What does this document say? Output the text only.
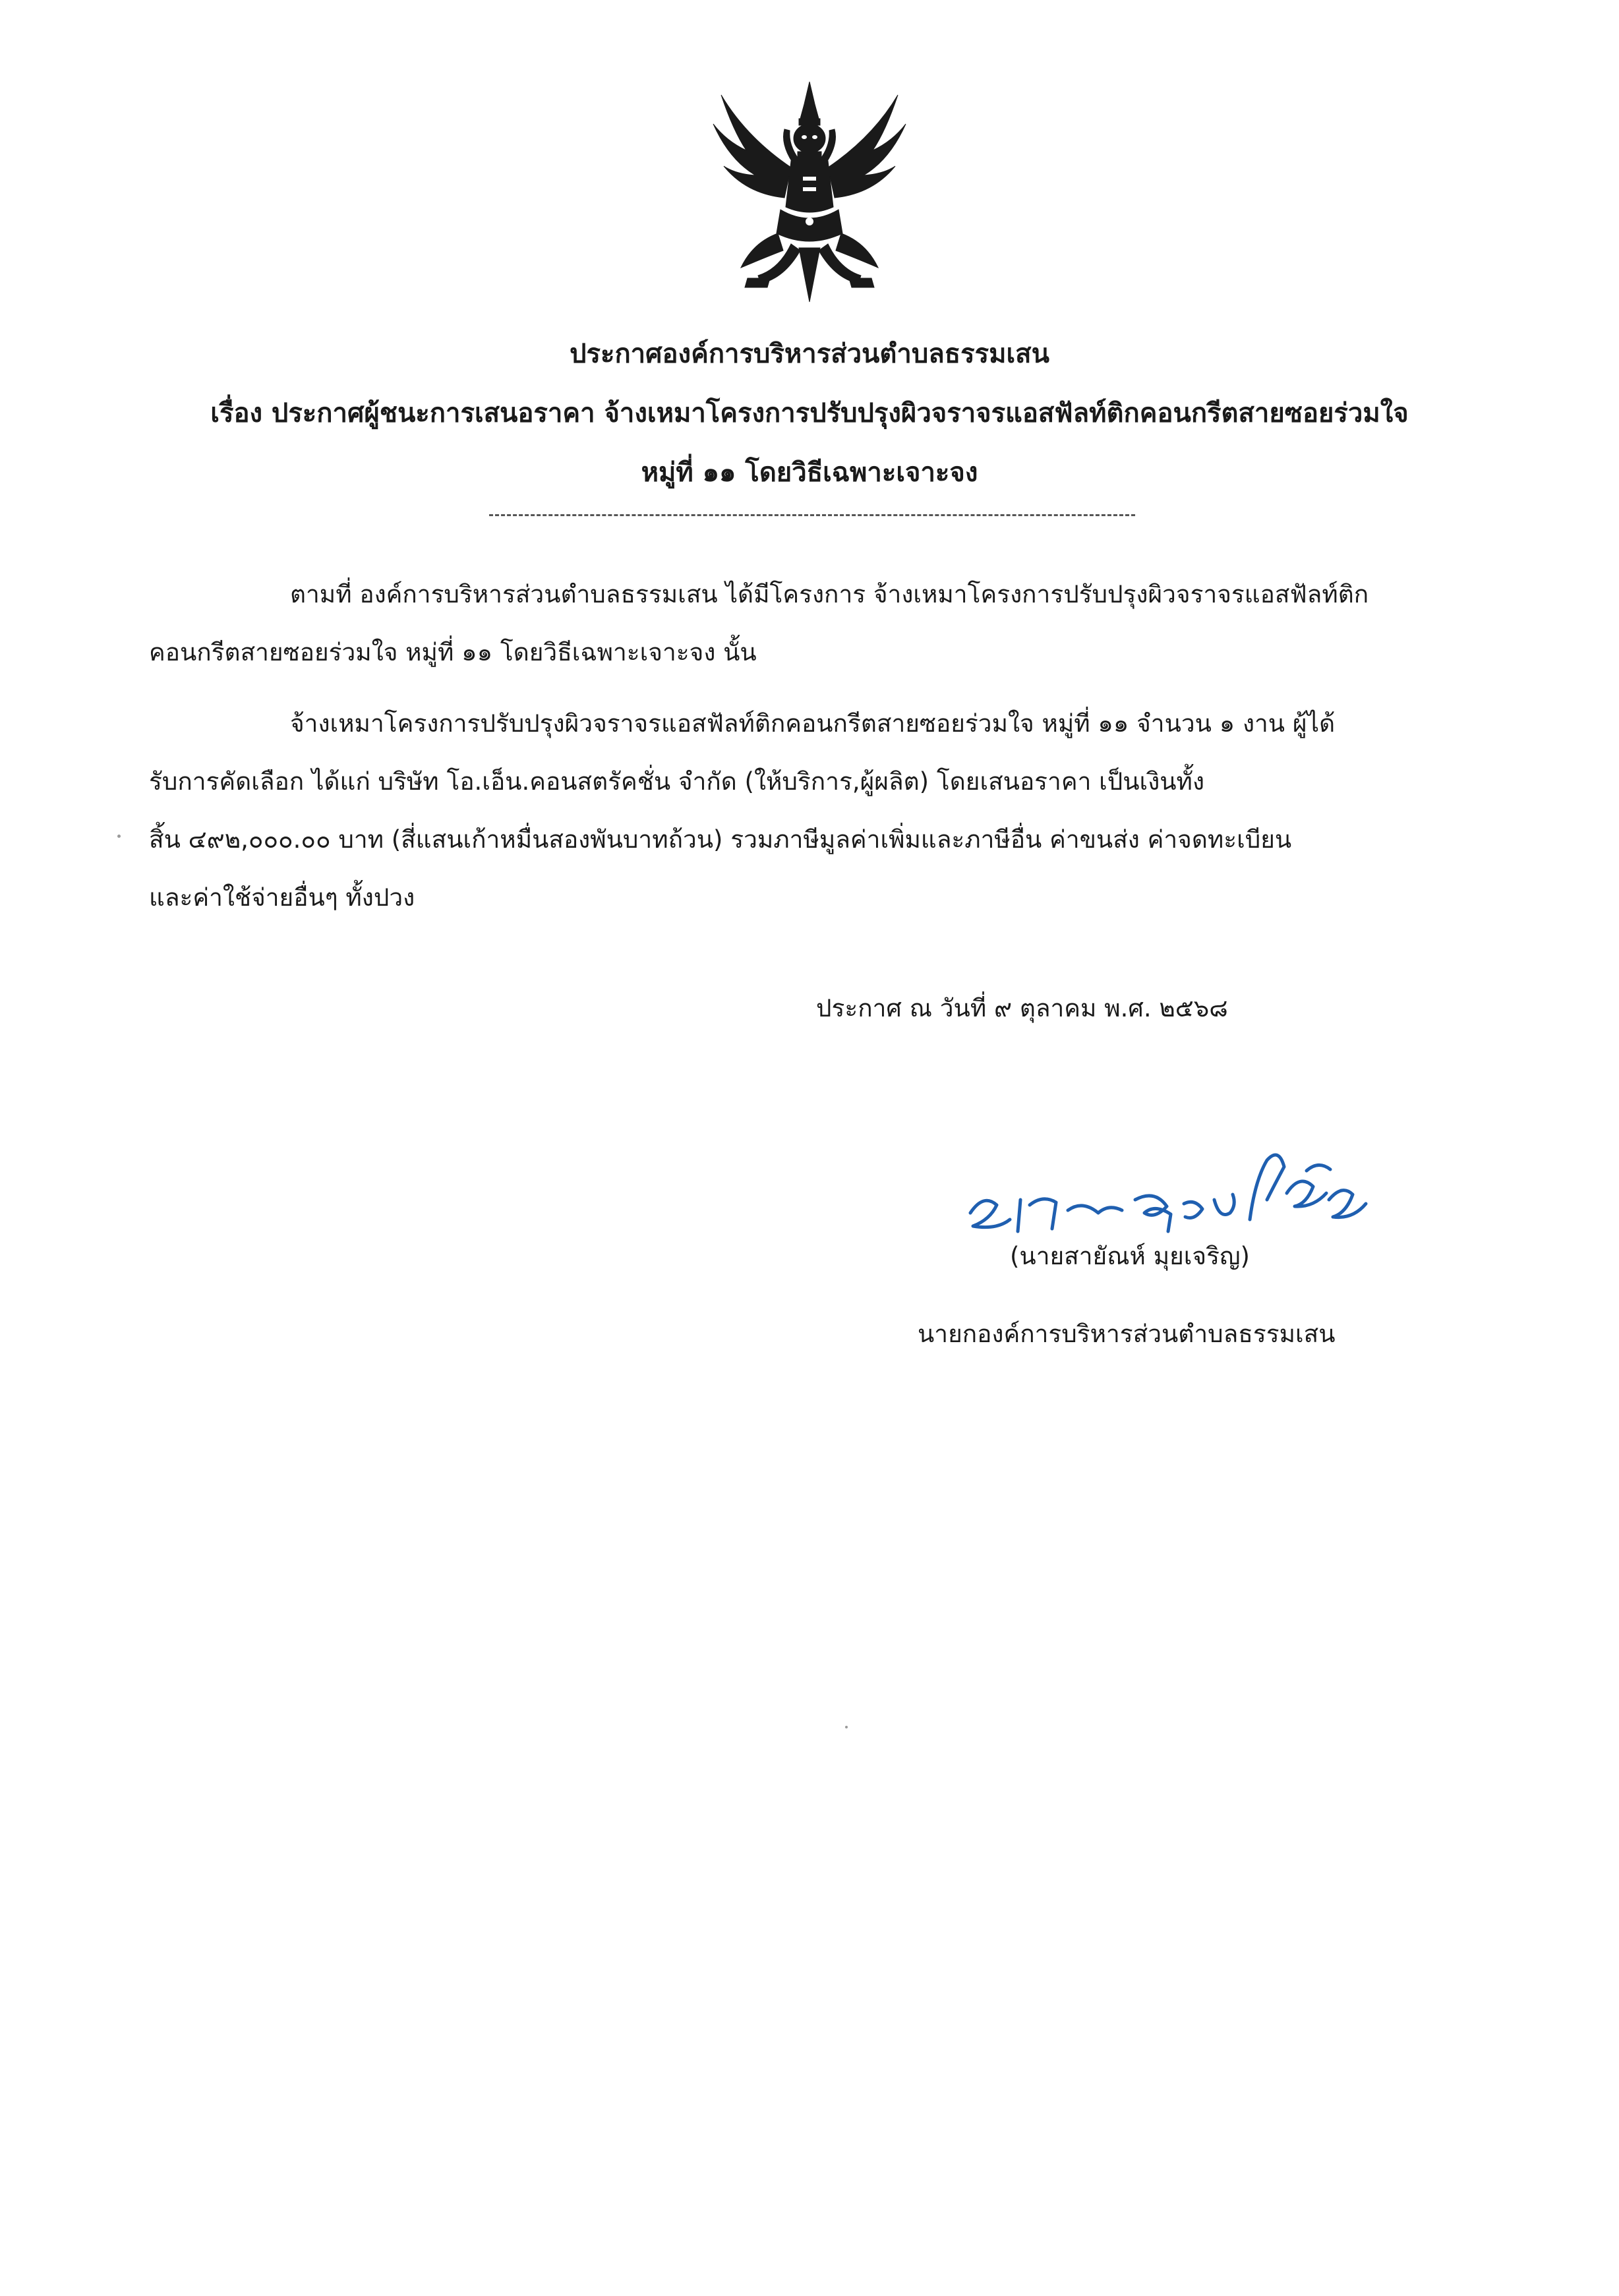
ประกาศองค์การบริหารส่วนตำบลธรรมเสน
เรื่อง ประกาศผู้ชนะการเสนอราคา จ้างเหมาโครงการปรับปรุงผิวจราจรแอสฟัลท์ติกคอนกรีตสายซอยร่วมใจ
หมู่ที่ ๑๑ โดยวิธีเฉพาะเจาะจง
ตามที่ องค์การบริหารส่วนตำบลธรรมเสน ได้มีโครงการ จ้างเหมาโครงการปรับปรุงผิวจราจรแอสฟัลท์ติก
คอนกรีตสายซอยร่วมใจ หมู่ที่ ๑๑ โดยวิธีเฉพาะเจาะจง นั้น
จ้างเหมาโครงการปรับปรุงผิวจราจรแอสฟัลท์ติกคอนกรีตสายซอยร่วมใจ หมู่ที่ ๑๑ จำนวน ๑ งาน ผู้ได้
รับการคัดเลือก ได้แก่ บริษัท โอ.เอ็น.คอนสตรัคชั่น จำกัด (ให้บริการ,ผู้ผลิต) โดยเสนอราคา เป็นเงินทั้ง
สิ้น ๔๙๒,๐๐๐.๐๐ บาท (สี่แสนเก้าหมื่นสองพันบาทถ้วน) รวมภาษีมูลค่าเพิ่มและภาษีอื่น ค่าขนส่ง ค่าจดทะเบียน
และค่าใช้จ่ายอื่นๆ ทั้งปวง
ประกาศ ณ วันที่ ๙ ตุลาคม พ.ศ. ๒๕๖๘
(นายสายัณห์ มุยเจริญ)
นายกองค์การบริหารส่วนตำบลธรรมเสน
